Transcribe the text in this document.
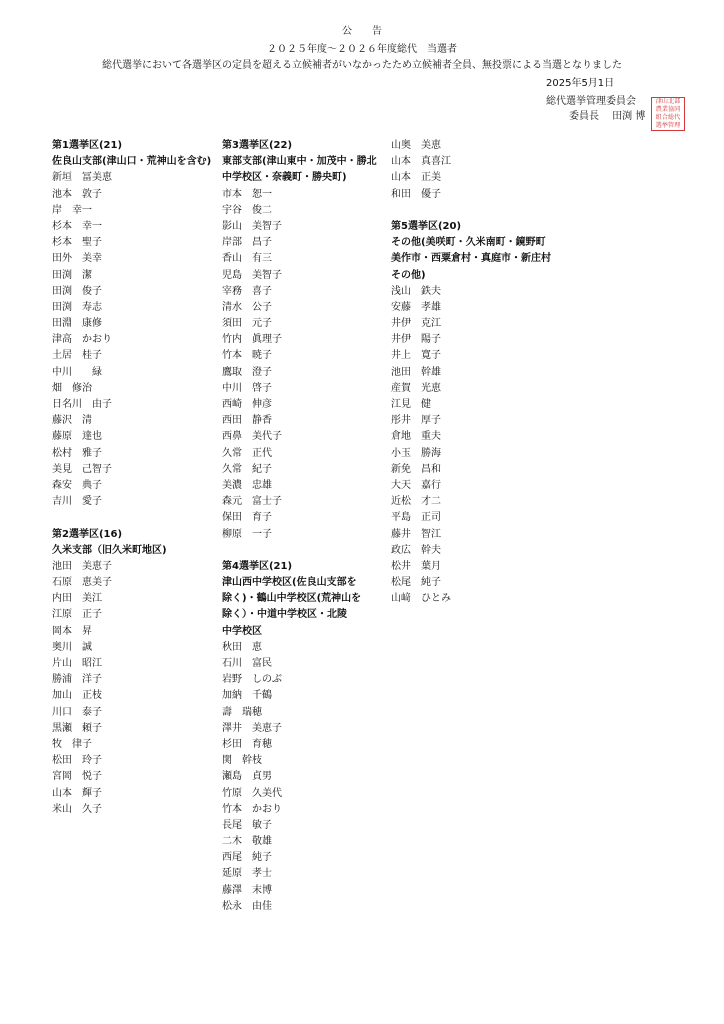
公　　告
２０２５年度～２０２６年度総代　当選者
総代選挙において各選挙区の定員を超える立候補者がいなかったため立候補者全員、無投票による当選となりました
2025年5月1日
総代選挙管理委員会
委員長　 田渕 博
津山北部
農業協同
組合総代
選挙管理
第1選挙区(21)
佐良山支部(津山口・荒神山を含む)
新垣　冨美恵
池本　敦子
岸　幸一
杉本　幸一
杉本　聖子
田外　美幸
田渕　潔
田渕　俊子
田渕　寿志
田淵　康修
津高　かおり
土居　桂子
中川　　緑
畑　修治
日名川　由子
藤沢　清
藤原　達也
松村　雅子
美見　己智子
森安　典子
吉川　愛子
第2選挙区(16)
久米支部（旧久米町地区)
池田　美恵子
石原　恵美子
内田　美江
江原　正子
岡本　昇
奥川　誠
片山　昭江
勝浦　洋子
加山　正枝
川口　泰子
黒瀬　頼子
牧　律子
松田　玲子
宮岡　悦子
山本　輝子
米山　久子
第3選挙区(22)
東部支部(津山東中・加茂中・勝北
中学校区・奈義町・勝央町)
市本　恕一
宇谷　俊二
影山　美智子
岸部　昌子
香山　有三
児島　美智子
宰務　喜子
清水　公子
須田　元子
竹内　眞理子
竹本　暁子
鷹取　澄子
中川　啓子
西崎　伸彦
西田　静香
西鼻　美代子
久常　正代
久常　紀子
美濃　忠雄
森元　富士子
保田　育子
柳原　一子
第4選挙区(21)
津山西中学校区(佐良山支部を
除く)・鶴山中学校区(荒神山を
除く）・中道中学校区・北陵
中学校区
秋田　恵
石川　富民
岩野　しのぶ
加納　千鶴
壽　瑞穂
澤井　美恵子
杉田　育穂
関　幹枝
瀬島　貞男
竹原　久美代
竹本　かおり
長尾　敏子
二木　敬雄
西尾　純子
延原　孝士
藤澤　末博
松永　由佳
山奥　美恵
山本　真喜江
山本　正美
和田　優子
第5選挙区(20)
その他(美咲町・久米南町・鏡野町
美作市・西粟倉村・真庭市・新庄村
その他)
浅山　鉄夫
安藤　孝雄
井伊　克江
井伊　陽子
井上　寛子
池田　幹雄
産賀　光恵
江見　健
彤井　厚子
倉地　重夫
小玉　勝海
新免　昌和
大天　嘉行
近松　才二
平島　正司
藤井　智江
政広　幹夫
松井　葉月
松尾　純子
山﨑　ひとみ
